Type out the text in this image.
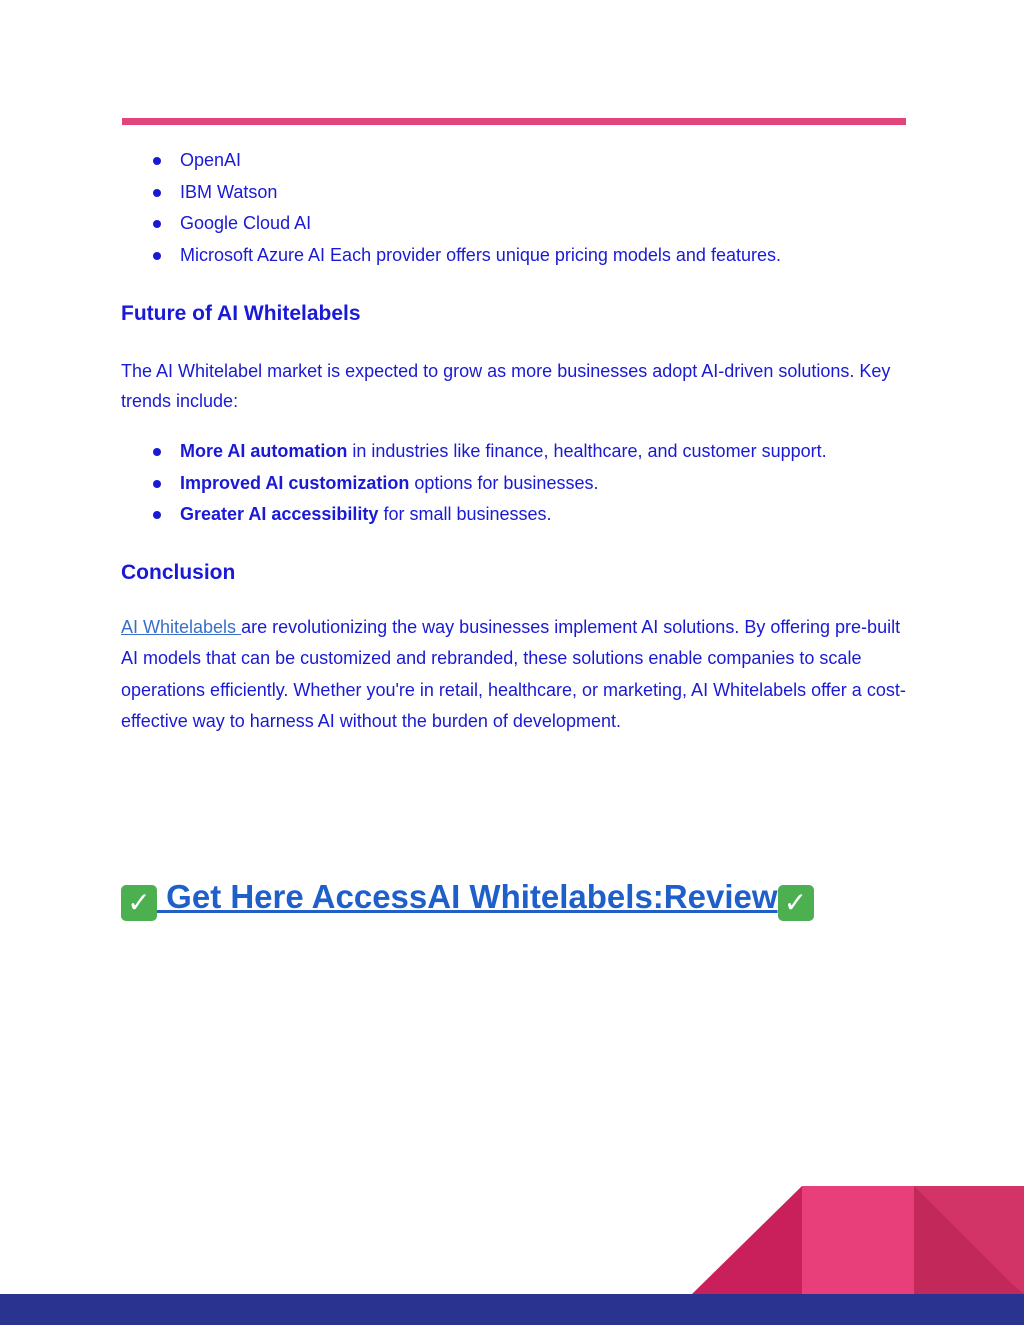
OpenAI
IBM Watson
Google Cloud AI
Microsoft Azure AI Each provider offers unique pricing models and features.
Future of AI Whitelabels

The AI Whitelabel market is expected to grow as more businesses adopt AI-driven solutions. Key trends include:

More AI automation in industries like finance, healthcare, and customer support.
Improved AI customization options for businesses.
Greater AI accessibility for small businesses.
Conclusion

AI Whitelabels are revolutionizing the way businesses implement AI solutions. By offering pre-built AI models that can be customized and rebranded, these solutions enable companies to scale operations efficiently. Whether you're in retail, healthcare, or marketing, AI Whitelabels offer a cost-effective way to harness AI without the burden of development.

✓ Get Here AccessAI Whitelabels:Review ✓
